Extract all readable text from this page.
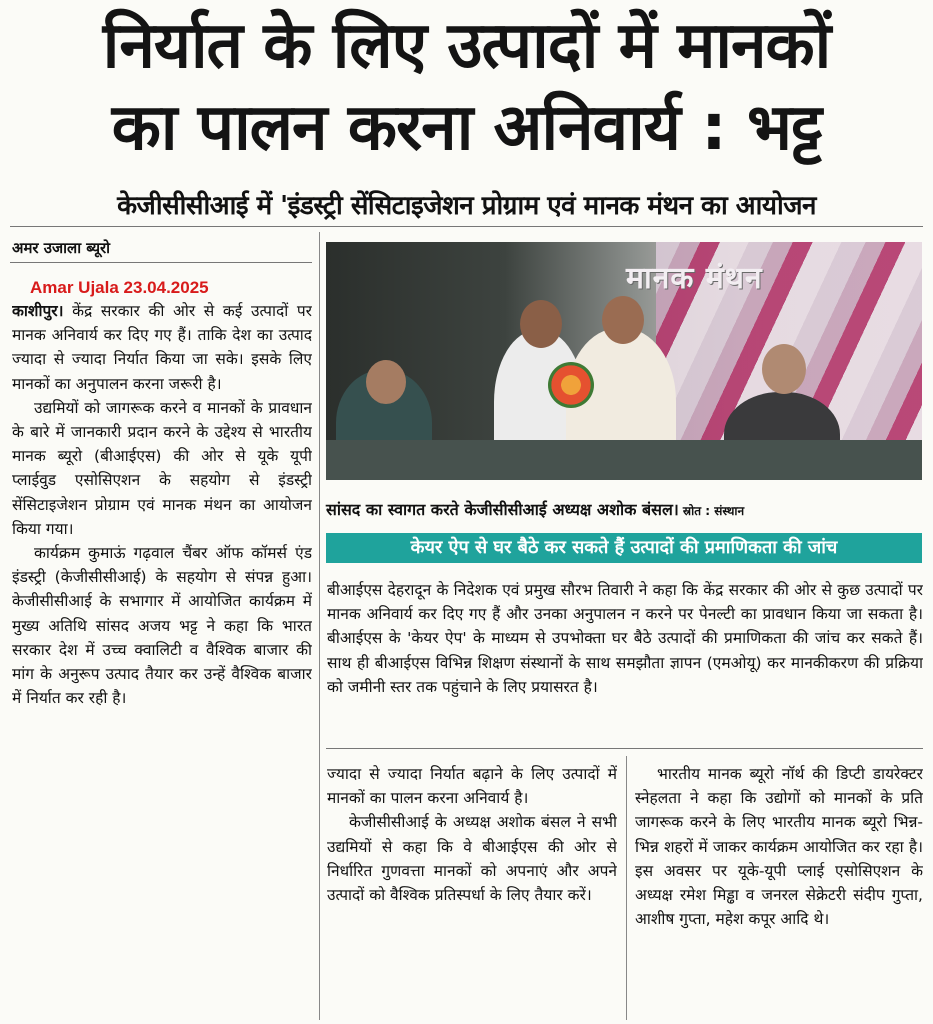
निर्यात के लिए उत्पादों में मानकों
का पालन करना अनिवार्य : भट्ट
केजीसीसीआई में 'इंडस्ट्री सेंसिटाइजेशन प्रोग्राम एवं मानक मंथन का आयोजन
अमर उजाला ब्यूरो
Amar Ujala 23.04.2025

काशीपुर। केंद्र सरकार की ओर से कई उत्पादों पर मानक अनिवार्य कर दिए गए हैं। ताकि देश का उत्पाद ज्यादा से ज्यादा निर्यात किया जा सके। इसके लिए मानकों का अनुपालन करना जरूरी है।

उद्यमियों को जागरूक करने व मानकों के प्रावधान के बारे में जानकारी प्रदान करने के उद्देश्य से भारतीय मानक ब्यूरो (बीआईएस) की ओर से यूके यूपी प्लाईवुड एसोसिएशन के सहयोग से इंडस्ट्री सेंसिटाइजेशन प्रोग्राम एवं मानक मंथन का आयोजन किया गया।

कार्यक्रम कुमाऊं गढ़वाल चैंबर ऑफ कॉमर्स एंड इंडस्ट्री (केजीसीसीआई) के सहयोग से संपन्न हुआ। केजीसीसीआई के सभागार में आयोजित कार्यक्रम में मुख्य अतिथि सांसद अजय भट्ट ने कहा कि भारत सरकार देश में उच्च क्वालिटी व वैश्विक बाजार की मांग के अनुरूप उत्पाद तैयार कर उन्हें वैश्विक बाजार में निर्यात कर रही है।

मानक मंथन
सांसद का स्वागत करते केजीसीसीआई अध्यक्ष अशोक बंसल। स्रोत : संस्थान
केयर ऐप से घर बैठे कर सकते हैं उत्पादों की प्रमाणिकता की जांच

बीआईएस देहरादून के निदेशक एवं प्रमुख सौरभ तिवारी ने कहा कि केंद्र सरकार की ओर से कुछ उत्पादों पर मानक अनिवार्य कर दिए गए हैं और उनका अनुपालन न करने पर पेनल्टी का प्रावधान किया जा सकता है। बीआईएस के 'केयर ऐप' के माध्यम से उपभोक्ता घर बैठे उत्पादों की प्रमाणिकता की जांच कर सकते हैं। साथ ही बीआईएस विभिन्न शिक्षण संस्थानों के साथ समझौता ज्ञापन (एमओयू) कर मानकीकरण की प्रक्रिया को जमीनी स्तर तक पहुंचाने के लिए प्रयासरत है।

ज्यादा से ज्यादा निर्यात बढ़ाने के लिए उत्पादों में मानकों का पालन करना अनिवार्य है।

केजीसीसीआई के अध्यक्ष अशोक बंसल ने सभी उद्यमियों से कहा कि वे बीआईएस की ओर से निर्धारित गुणवत्ता मानकों को अपनाएं और अपने उत्पादों को वैश्विक प्रतिस्पर्धा के लिए तैयार करें।

भारतीय मानक ब्यूरो नॉर्थ की डिप्टी डायरेक्टर स्नेहलता ने कहा कि उद्योगों को मानकों के प्रति जागरूक करने के लिए भारतीय मानक ब्यूरो भिन्न-भिन्न शहरों में जाकर कार्यक्रम आयोजित कर रहा है। इस अवसर पर यूके-यूपी प्लाई एसोसिएशन के अध्यक्ष रमेश मिड्ढा व जनरल सेक्रेटरी संदीप गुप्ता, आशीष गुप्ता, महेश कपूर आदि थे।
